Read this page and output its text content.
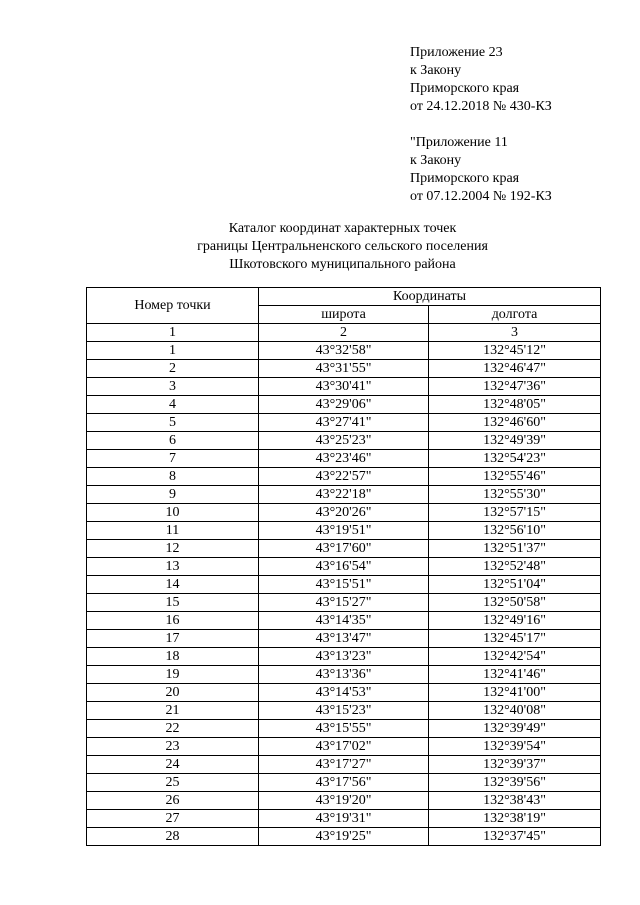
Приложение 23
к Закону
Приморского края
от 24.12.2018 № 430-КЗ
"Приложение 11
к Закону
Приморского края
от 07.12.2004 № 192-КЗ
Каталог координат характерных точек
границы Центральненского сельского поселения
Шкотовского муниципального района
Номер точки	Координаты	
	широта	долгота
1	2	3
1	43°32'58"	132°45'12"
2	43°31'55"	132°46'47"
3	43°30'41"	132°47'36"
4	43°29'06"	132°48'05"
5	43°27'41"	132°46'60"
6	43°25'23"	132°49'39"
7	43°23'46"	132°54'23"
8	43°22'57"	132°55'46"
9	43°22'18"	132°55'30"
10	43°20'26"	132°57'15"
11	43°19'51"	132°56'10"
12	43°17'60"	132°51'37"
13	43°16'54"	132°52'48"
14	43°15'51"	132°51'04"
15	43°15'27"	132°50'58"
16	43°14'35"	132°49'16"
17	43°13'47"	132°45'17"
18	43°13'23"	132°42'54"
19	43°13'36"	132°41'46"
20	43°14'53"	132°41'00"
21	43°15'23"	132°40'08"
22	43°15'55"	132°39'49"
23	43°17'02"	132°39'54"
24	43°17'27"	132°39'37"
25	43°17'56"	132°39'56"
26	43°19'20"	132°38'43"
27	43°19'31"	132°38'19"
28	43°19'25"	132°37'45"
